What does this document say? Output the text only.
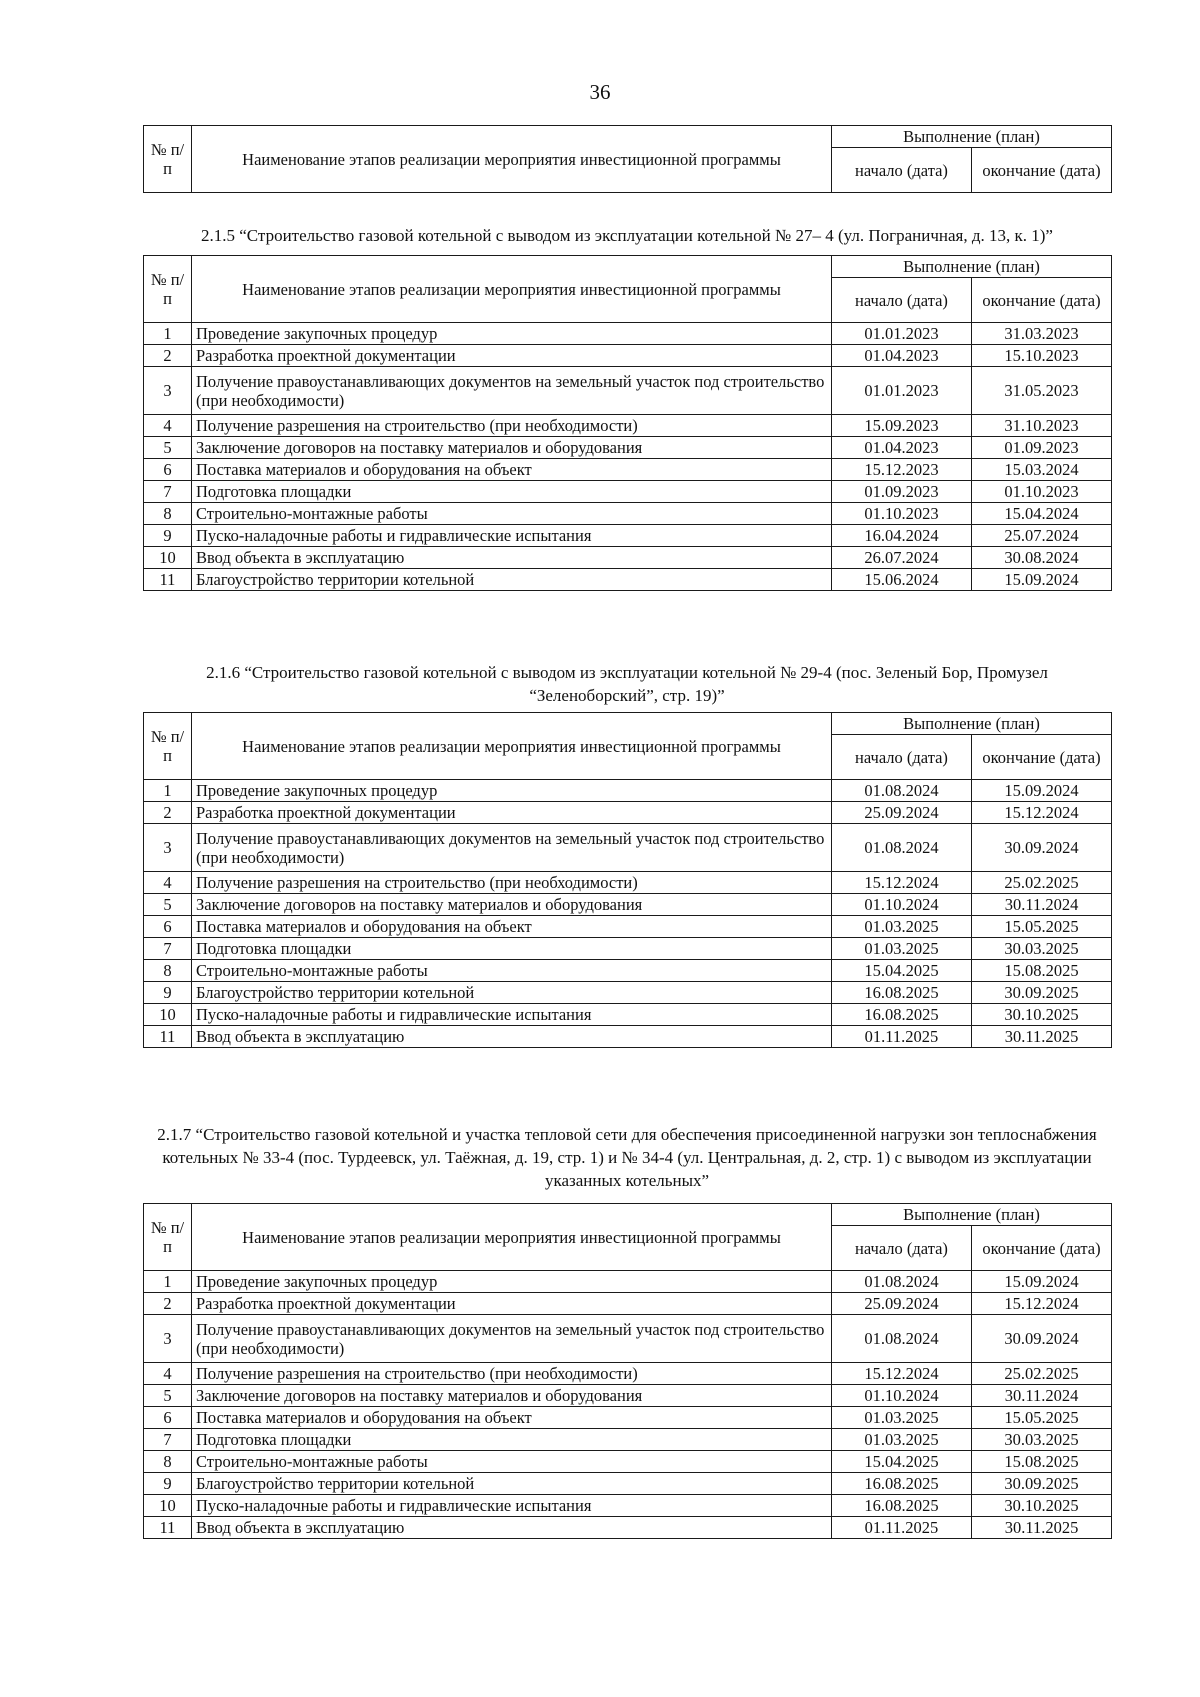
36
№ п/п	Наименование этапов реализации мероприятия инвестиционной программы	Выполнение (план)	
		начало (дата)	окончание (дата)
2.1.5 “Строительство газовой котельной с выводом из эксплуатации котельной № 27– 4 (ул. Пограничная, д. 13, к. 1)”
№ п/п	Наименование этапов реализации мероприятия инвестиционной программы	Выполнение (план)	
		начало (дата)	окончание (дата)
1	Проведение закупочных процедур	01.01.2023	31.03.2023
2	Разработка проектной документации	01.04.2023	15.10.2023
3	Получение правоустанавливающих документов на земельный участок под строительство (при необходимости)	01.01.2023	31.05.2023
4	Получение разрешения на строительство (при необходимости)	15.09.2023	31.10.2023
5	Заключение договоров на поставку материалов и оборудования	01.04.2023	01.09.2023
6	Поставка материалов и оборудования на объект	15.12.2023	15.03.2024
7	Подготовка площадки	01.09.2023	01.10.2023
8	Строительно-монтажные работы	01.10.2023	15.04.2024
9	Пуско-наладочные работы и гидравлические испытания	16.04.2024	25.07.2024
10	Ввод объекта в эксплуатацию	26.07.2024	30.08.2024
11	Благоустройство территории котельной	15.06.2024	15.09.2024
2.1.6 “Строительство газовой котельной с выводом из эксплуатации котельной № 29-4 (пос. Зеленый Бор, Промузел “Зеленоборский”, стр. 19)”
№ п/п	Наименование этапов реализации мероприятия инвестиционной программы	Выполнение (план)	
		начало (дата)	окончание (дата)
1	Проведение закупочных процедур	01.08.2024	15.09.2024
2	Разработка проектной документации	25.09.2024	15.12.2024
3	Получение правоустанавливающих документов на земельный участок под строительство (при необходимости)	01.08.2024	30.09.2024
4	Получение разрешения на строительство (при необходимости)	15.12.2024	25.02.2025
5	Заключение договоров на поставку материалов и оборудования	01.10.2024	30.11.2024
6	Поставка материалов и оборудования на объект	01.03.2025	15.05.2025
7	Подготовка площадки	01.03.2025	30.03.2025
8	Строительно-монтажные работы	15.04.2025	15.08.2025
9	Благоустройство территории котельной	16.08.2025	30.09.2025
10	Пуско-наладочные работы и гидравлические испытания	16.08.2025	30.10.2025
11	Ввод объекта в эксплуатацию	01.11.2025	30.11.2025
2.1.7 “Строительство газовой котельной и участка тепловой сети для обеспечения присоединенной нагрузки зон теплоснабжения котельных № 33-4 (пос. Турдеевск, ул. Таёжная, д. 19, стр. 1) и № 34-4 (ул. Центральная, д. 2, стр. 1) с выводом из эксплуатации указанных котельных”
№ п/п	Наименование этапов реализации мероприятия инвестиционной программы	Выполнение (план)	
		начало (дата)	окончание (дата)
1	Проведение закупочных процедур	01.08.2024	15.09.2024
2	Разработка проектной документации	25.09.2024	15.12.2024
3	Получение правоустанавливающих документов на земельный участок под строительство (при необходимости)	01.08.2024	30.09.2024
4	Получение разрешения на строительство (при необходимости)	15.12.2024	25.02.2025
5	Заключение договоров на поставку материалов и оборудования	01.10.2024	30.11.2024
6	Поставка материалов и оборудования на объект	01.03.2025	15.05.2025
7	Подготовка площадки	01.03.2025	30.03.2025
8	Строительно-монтажные работы	15.04.2025	15.08.2025
9	Благоустройство территории котельной	16.08.2025	30.09.2025
10	Пуско-наладочные работы и гидравлические испытания	16.08.2025	30.10.2025
11	Ввод объекта в эксплуатацию	01.11.2025	30.11.2025
